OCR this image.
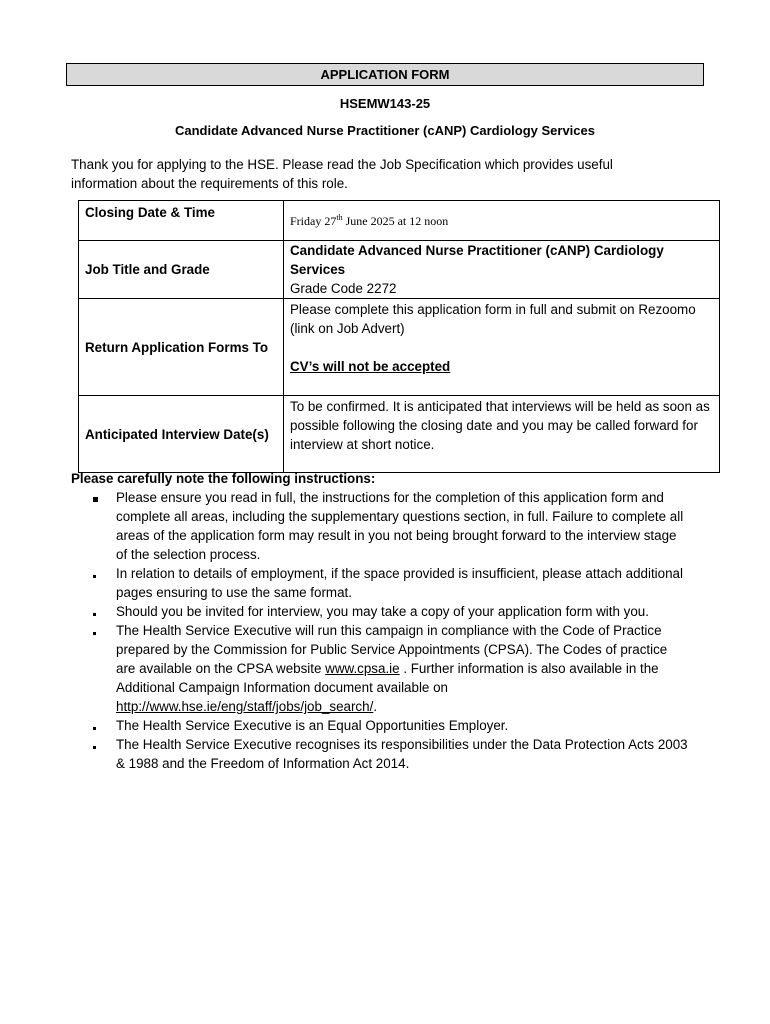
APPLICATION FORM
HSEMW143-25
Candidate Advanced Nurse Practitioner (cANP) Cardiology Services
Thank you for applying to the HSE. Please read the Job Specification which provides useful information about the requirements of this role.
Closing Date & Time	Friday 27th June 2025 at 12 noon
Job Title and Grade	Candidate Advanced Nurse Practitioner (cANP) Cardiology Services
Grade Code 2272

Return Application Forms To	Please complete this application form in full and submit on Rezoomo (link on Job Advert)
CV’s will not be accepted

Anticipated Interview Date(s)	To be confirmed. It is anticipated that interviews will be held as soon as possible following the closing date and you may be called forward for interview at short notice.
Please carefully note the following instructions:
Please ensure you read in full, the instructions for the completion of this application form and complete all areas, including the supplementary questions section, in full. Failure to complete all areas of the application form may result in you not being brought forward to the interview stage of the selection process.
In relation to details of employment, if the space provided is insufficient, please attach additional pages ensuring to use the same format.
Should you be invited for interview, you may take a copy of your application form with you.
The Health Service Executive will run this campaign in compliance with the Code of Practice prepared by the Commission for Public Service Appointments (CPSA). The Codes of practice are available on the CPSA website www.cpsa.ie . Further information is also available in the Additional Campaign Information document available on http://www.hse.ie/eng/staff/jobs/job_search/.
The Health Service Executive is an Equal Opportunities Employer.
The Health Service Executive recognises its responsibilities under the Data Protection Acts 2003 & 1988 and the Freedom of Information Act 2014.
